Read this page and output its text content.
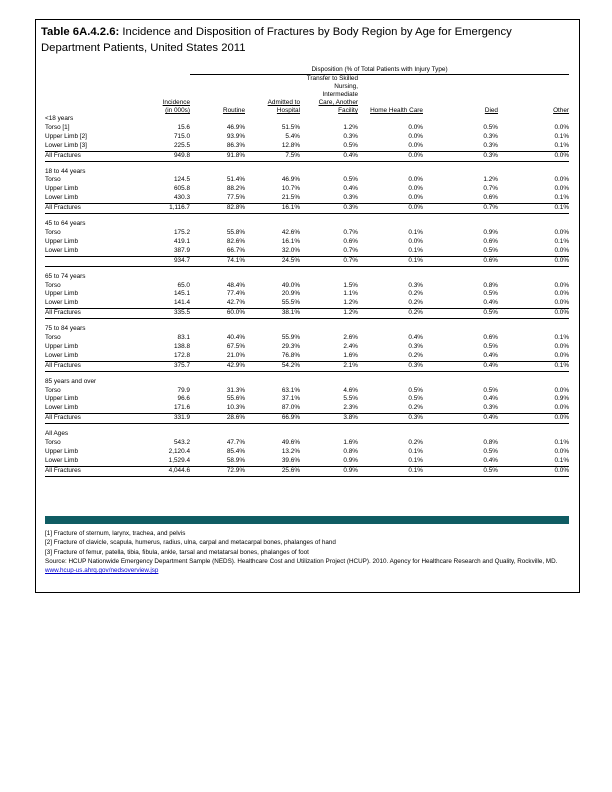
Table 6A.4.2.6: Incidence and Disposition of Fractures by Body Region by Age for Emergency Department Patients, United States 2011
		Disposition (% of Total Patients with Injury Type)					
				Transfer to Skilled			
				Nursing,			
				Intermediate			
	Incidence		Admitted to	Care, Another			
	(in 000s)	Routine	Hospital	Facility	Home Health Care	Died	Other
<18 years							
Torso [1]	15.6	46.9%	51.5%	1.2%	0.0%	0.5%	0.0%
Upper Limb [2]	715.0	93.9%	5.4%	0.3%	0.0%	0.3%	0.1%
Lower Limb [3]	225.5	86.3%	12.8%	0.5%	0.0%	0.3%	0.1%
All Fractures	949.8	91.8%	7.5%	0.4%	0.0%	0.3%	0.0%

18 to 44 years							
Torso	124.5	51.4%	46.9%	0.5%	0.0%	1.2%	0.0%
Upper Limb	605.8	88.2%	10.7%	0.4%	0.0%	0.7%	0.0%
Lower Limb	430.3	77.5%	21.5%	0.3%	0.0%	0.6%	0.1%
All Fractures	1,116.7	82.8%	16.1%	0.3%	0.0%	0.7%	0.1%

45 to 64 years							
Torso	175.2	55.8%	42.6%	0.7%	0.1%	0.9%	0.0%
Upper Limb	419.1	82.6%	16.1%	0.6%	0.0%	0.6%	0.1%
Lower Limb	387.9	66.7%	32.0%	0.7%	0.1%	0.5%	0.0%
	934.7	74.1%	24.5%	0.7%	0.1%	0.6%	0.0%

65 to 74 years							
Torso	65.0	48.4%	49.0%	1.5%	0.3%	0.8%	0.0%
Upper Limb	145.1	77.4%	20.9%	1.1%	0.2%	0.5%	0.0%
Lower Limb	141.4	42.7%	55.5%	1.2%	0.2%	0.4%	0.0%
All Fractures	335.5	60.0%	38.1%	1.2%	0.2%	0.5%	0.0%

75 to 84 years							
Torso	83.1	40.4%	55.9%	2.6%	0.4%	0.6%	0.1%
Upper Limb	138.8	67.5%	29.3%	2.4%	0.3%	0.5%	0.0%
Lower Limb	172.8	21.0%	76.8%	1.6%	0.2%	0.4%	0.0%
All Fractures	375.7	42.9%	54.2%	2.1%	0.3%	0.4%	0.1%

85 years and over							
Torso	79.9	31.3%	63.1%	4.6%	0.5%	0.5%	0.0%
Upper Limb	96.6	55.6%	37.1%	5.5%	0.5%	0.4%	0.9%
Lower Limb	171.6	10.3%	87.0%	2.3%	0.2%	0.3%	0.0%
All Fractures	331.9	28.6%	66.9%	3.8%	0.3%	0.4%	0.0%

All Ages							
Torso	543.2	47.7%	49.6%	1.6%	0.2%	0.8%	0.1%
Upper Limb	2,120.4	85.4%	13.2%	0.8%	0.1%	0.5%	0.0%
Lower Limb	1,529.4	58.9%	39.6%	0.9%	0.1%	0.4%	0.1%
All Fractures	4,044.6	72.9%	25.6%	0.9%	0.1%	0.5%	0.0%
[1] Fracture of sternum, larynx, trachea, and pelvis
[2] Fracture of clavicle, scapula, humerus, radius, ulna, carpal and metacarpal bones, phalanges of hand
[3] Fracture of femur, patella, tibia, fibula, ankle, tarsal and metatarsal bones, phalanges of foot
Source: HCUP Nationwide Emergency Department Sample (NEDS). Healthcare Cost and Utilization Project (HCUP). 2010. Agency for Healthcare Research and Quality, Rockville, MD. www.hcup-us.ahrq.gov/nedsoverview.jsp
